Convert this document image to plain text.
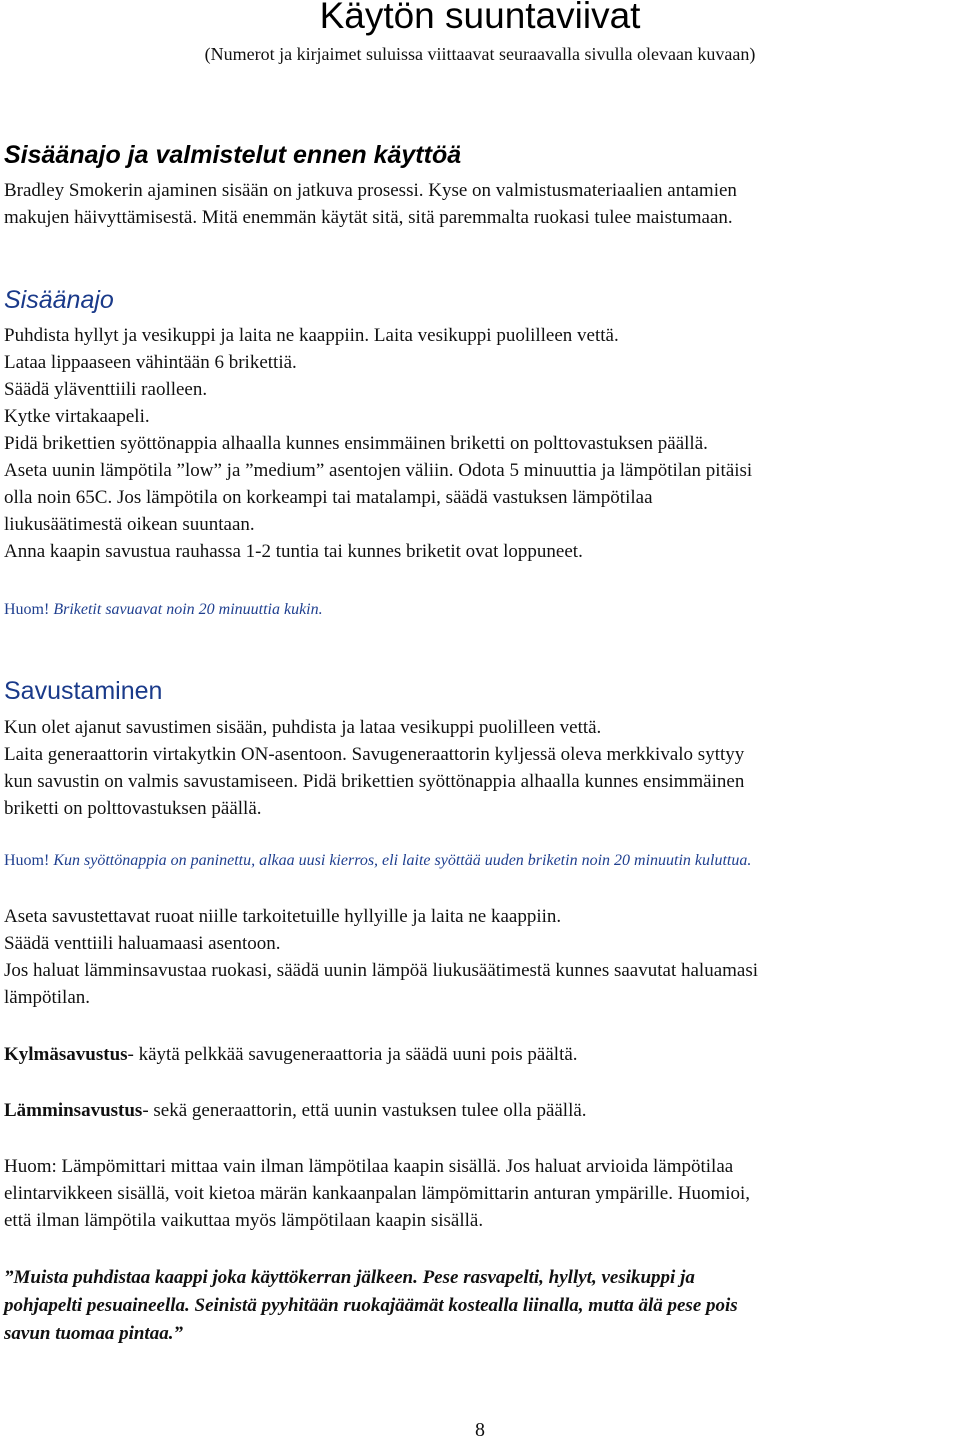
Käytön suuntaviivat

(Numerot ja kirjaimet suluissa viittaavat seuraavalla sivulla olevaan kuvaan)

Sisäänajo ja valmistelut ennen käyttöä
Bradley Smokerin ajaminen sisään on jatkuva prosessi. Kyse on valmistusmateriaalien antamien
makujen häivyttämisestä. Mitä enemmän käytät sitä, sitä paremmalta ruokasi tulee maistumaan.
Sisäänajo
Puhdista hyllyt ja vesikuppi ja laita ne kaappiin. Laita vesikuppi puolilleen vettä.
Lataa lippaaseen vähintään 6 brikettiä.
Säädä yläventtiili raolleen.
Kytke virtakaapeli.
Pidä brikettien syöttönappia alhaalla kunnes ensimmäinen briketti on polttovastuksen päällä.
Aseta uunin lämpötila ”low” ja ”medium” asentojen väliin. Odota 5 minuuttia ja lämpötilan pitäisi
olla noin 65C. Jos lämpötila on korkeampi tai matalampi, säädä vastuksen lämpötilaa
liukusäätimestä oikean suuntaan.
Anna kaapin savustua rauhassa 1-2 tuntia tai kunnes briketit ovat loppuneet.

Huom! Briketit savuavat noin 20 minuuttia kukin.

Savustaminen
Kun olet ajanut savustimen sisään, puhdista ja lataa vesikuppi puolilleen vettä.
Laita generaattorin virtakytkin ON-asentoon. Savugeneraattorin kyljessä oleva merkkivalo syttyy
kun savustin on valmis savustamiseen. Pidä brikettien syöttönappia alhaalla kunnes ensimmäinen
briketti on polttovastuksen päällä.

Huom! Kun syöttönappia on paninettu, alkaa uusi kierros, eli laite syöttää uuden briketin noin 20 minuutin kuluttua.

Aseta savustettavat ruoat niille tarkoitetuille hyllyille ja laita ne kaappiin.
Säädä venttiili haluamaasi asentoon.
Jos haluat lämminsavustaa ruokasi, säädä uunin lämpöä liukusäätimestä kunnes saavutat haluamasi
lämpötilan.
Kylmäsavustus- käytä pelkkää savugeneraattoria ja säädä uuni pois päältä.
Lämminsavustus- sekä generaattorin, että uunin vastuksen tulee olla päällä.
Huom: Lämpömittari mittaa vain ilman lämpötilaa kaapin sisällä. Jos haluat arvioida lämpötilaa
elintarvikkeen sisällä, voit kietoa märän kankaanpalan lämpömittarin anturan ympärille. Huomioi,
että ilman lämpötila vaikuttaa myös lämpötilaan kaapin sisällä.
”Muista puhdistaa kaappi joka käyttökerran jälkeen. Pese rasvapelti, hyllyt, vesikuppi ja
pohjapelti pesuaineella. Seinistä pyyhitään ruokajäämät kostealla liinalla, mutta älä pese pois
savun tuomaa pintaa.”
8
